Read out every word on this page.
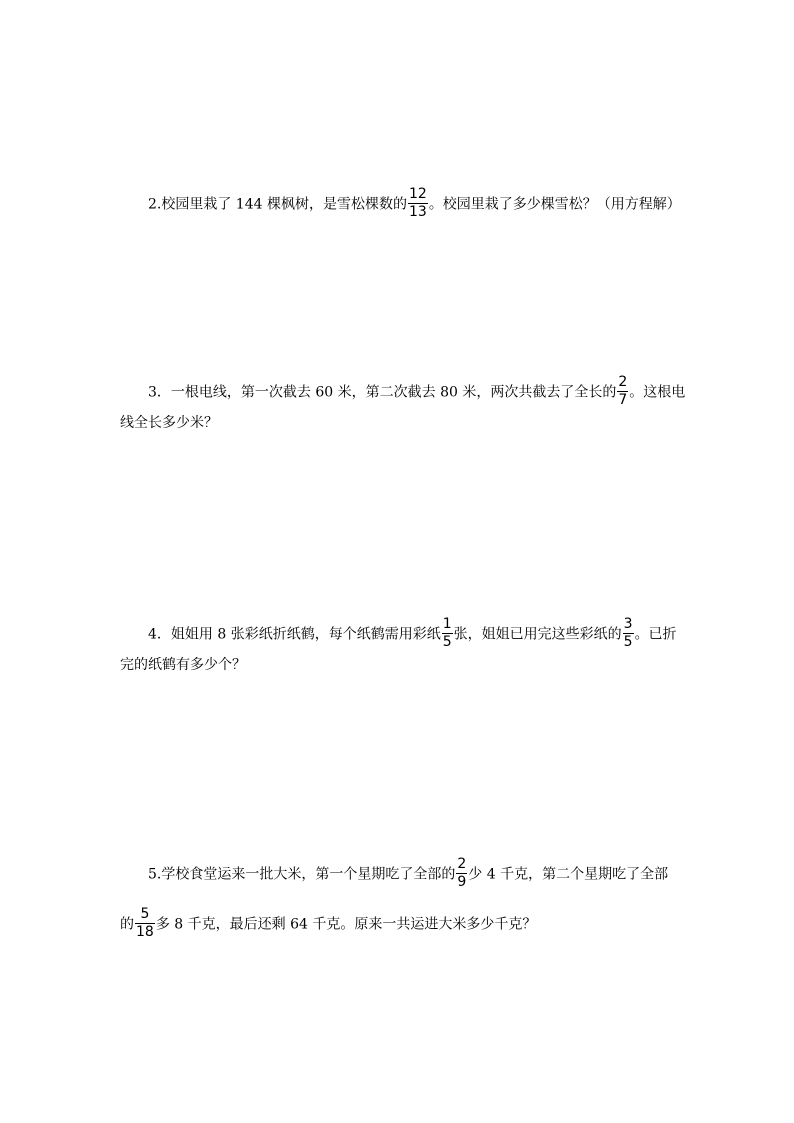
2.校园里栽了 144 棵枫树，是雪松棵数的 $\frac{12}{13}$ 。校园里栽了多少棵雪松？（用方程解）
3．一根电线，第一次截去 60 米，第二次截去 80 米，两次共截去了全长的 $\frac{2}{7}$ 。这根电
线全长多少米？
4．姐姐用 8 张彩纸折纸鹤，每个纸鹤需用彩纸 $\frac{1}{5}$ 张，姐姐已用完这些彩纸的 $\frac{3}{5}$ 。已折
完的纸鹤有多少个？
5.学校食堂运来一批大米，第一个星期吃了全部的 $\frac{2}{9}$ 少 4 千克，第二个星期吃了全部
的 $\frac{5}{18}$ 多 8 千克，最后还剩 64 千克。原来一共运进大米多少千克？
